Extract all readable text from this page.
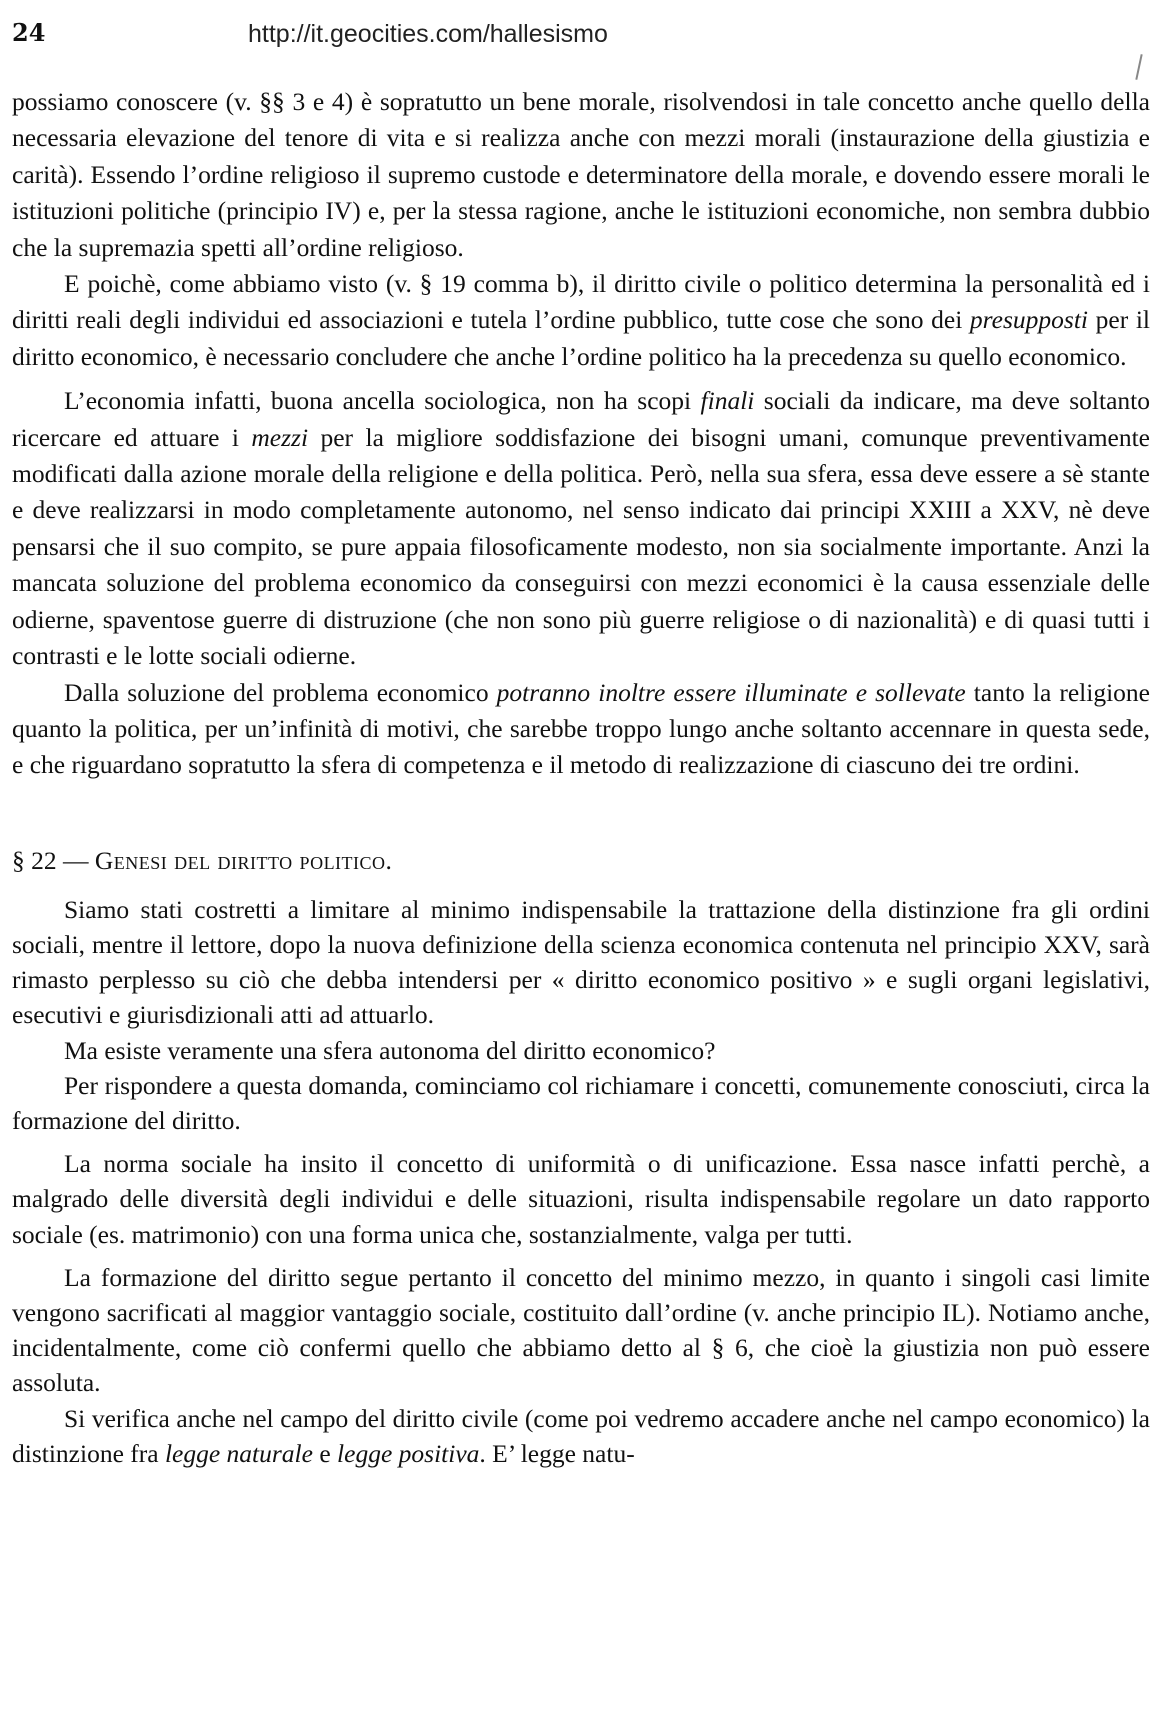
24	http://it.geocities.com/hallesismo

possiamo conoscere (v. §§ 3 e 4) è sopratutto un bene morale, risolvendosi in tale concetto anche quello della necessaria elevazione del tenore di vita e si realizza anche con mezzi morali (instaurazione della giustizia e carità). Essendo l’ordine religioso il supremo custode e determinatore della morale, e dovendo essere morali le istituzioni politiche (principio IV) e, per la stessa ragione, anche le istituzioni economiche, non sembra dubbio che la supremazia spetti all’ordine religioso.

E poichè, come abbiamo visto (v. § 19 comma b), il diritto civile o politico determina la personalità ed i diritti reali degli individui ed associazioni e tutela l’ordine pubblico, tutte cose che sono dei presupposti per il diritto economico, è necessario concludere che anche l’ordine politico ha la precedenza su quello economico.

L’economia infatti, buona ancella sociologica, non ha scopi finali sociali da indicare, ma deve soltanto ricercare ed attuare i mezzi per la migliore soddisfazione dei bisogni umani, comunque preventivamente modificati dalla azione morale della religione e della politica. Però, nella sua sfera, essa deve essere a sè stante e deve realizzarsi in modo completamente autonomo, nel senso indicato dai principi XXIII a XXV, nè deve pensarsi che il suo compito, se pure appaia filosoficamente modesto, non sia socialmente importante. Anzi la mancata soluzione del problema economico da conseguirsi con mezzi economici è la causa essenziale delle odierne, spaventose guerre di distruzione (che non sono più guerre religiose o di nazionalità) e di quasi tutti i contrasti e le lotte sociali odierne.

Dalla soluzione del problema economico potranno inoltre essere illuminate e sollevate tanto la religione quanto la politica, per un’infinità di motivi, che sarebbe troppo lungo anche soltanto accennare in questa sede, e che riguardano sopratutto la sfera di competenza e il metodo di realizzazione di ciascuno dei tre ordini.

§ 22 — Genesi del diritto politico.

Siamo stati costretti a limitare al minimo indispensabile la trattazione della distinzione fra gli ordini sociali, mentre il lettore, dopo la nuova definizione della scienza economica contenuta nel principio XXV, sarà rimasto perplesso su ciò che debba intendersi per « diritto economico positivo » e sugli organi legislativi, esecutivi e giurisdizionali atti ad attuarlo.

Ma esiste veramente una sfera autonoma del diritto economico?

Per rispondere a questa domanda, cominciamo col richiamare i concetti, comunemente conosciuti, circa la formazione del diritto.

La norma sociale ha insito il concetto di uniformità o di unificazione. Essa nasce infatti perchè, a malgrado delle diversità degli individui e delle situazioni, risulta indispensabile regolare un dato rapporto sociale (es. matrimonio) con una forma unica che, sostanzialmente, valga per tutti.

La formazione del diritto segue pertanto il concetto del minimo mezzo, in quanto i singoli casi limite vengono sacrificati al maggior vantaggio sociale, costituito dall’ordine (v. anche principio IL). Notiamo anche, incidentalmente, come ciò confermi quello che abbiamo detto al § 6, che cioè la giustizia non può essere assoluta.

Si verifica anche nel campo del diritto civile (come poi vedremo accadere anche nel campo economico) la distinzione fra legge naturale e legge positiva. E’ legge natu-
